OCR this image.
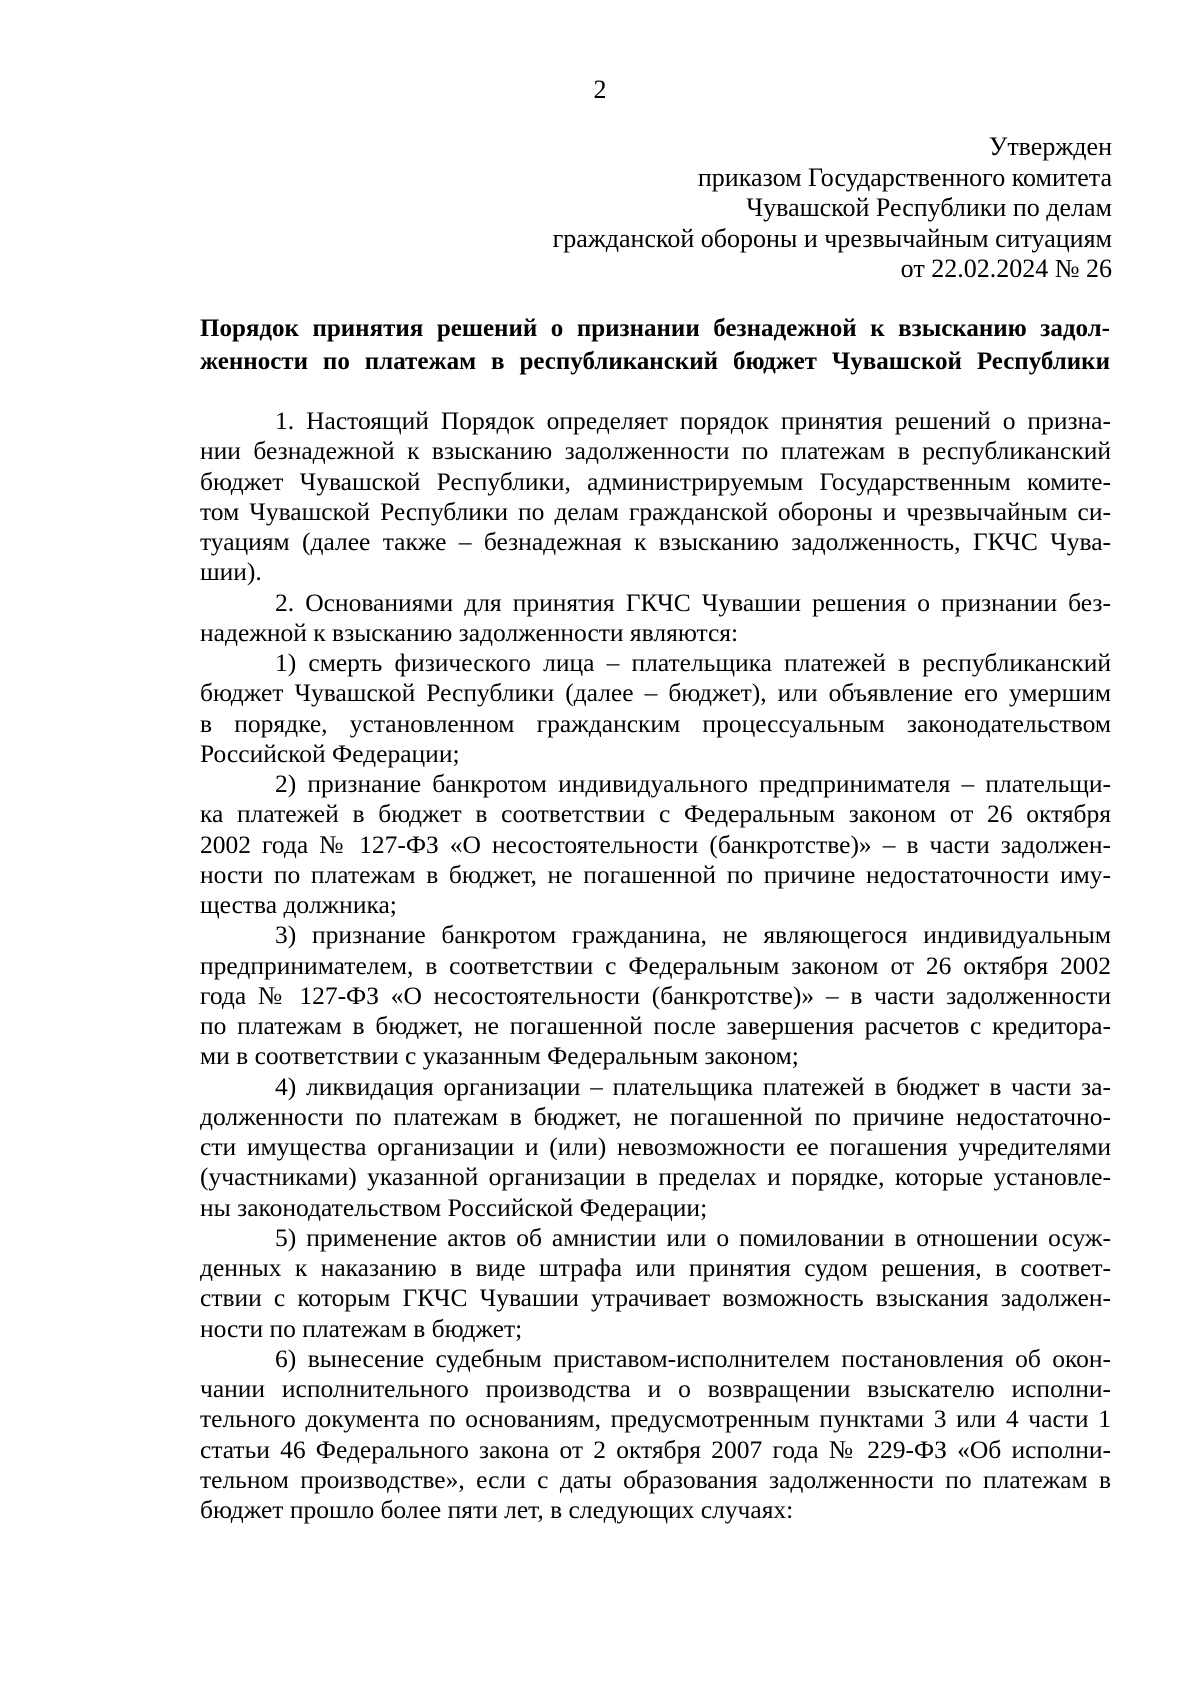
2
Утвержден
приказом Государственного комитета
Чувашской Республики по делам
гражданской обороны и чрезвычайным ситуациям
от 22.02.2024 № 26
Порядок принятия решений о признании безнадежной к взысканию задол-
женности по платежам в республиканский бюджет Чувашской Республики
1. Настоящий Порядок определяет порядок принятия решений о призна-
нии безнадежной к взысканию задолженности по платежам в республиканский
бюджет Чувашской Республики, администрируемым Государственным комите-
том Чувашской Республики по делам гражданской обороны и чрезвычайным си-
туациям (далее также – безнадежная к взысканию задолженность, ГКЧС Чува-
шии).
2. Основаниями для принятия ГКЧС Чувашии решения о признании без-
надежной к взысканию задолженности являются:
1) смерть физического лица – плательщика платежей в республиканский
бюджет Чувашской Республики (далее – бюджет), или объявление его умершим
в порядке, установленном гражданским процессуальным законодательством
Российской Федерации;
2) признание банкротом индивидуального предпринимателя – плательщи-
ка платежей в бюджет в соответствии с Федеральным законом от 26 октября
2002 года № 127-ФЗ «О несостоятельности (банкротстве)» – в части задолжен-
ности по платежам в бюджет, не погашенной по причине недостаточности иму-
щества должника;
3) признание банкротом гражданина, не являющегося индивидуальным
предпринимателем, в соответствии с Федеральным законом от 26 октября 2002
года № 127-ФЗ «О несостоятельности (банкротстве)» – в части задолженности
по платежам в бюджет, не погашенной после завершения расчетов с кредитора-
ми в соответствии с указанным Федеральным законом;
4) ликвидация организации – плательщика платежей в бюджет в части за-
долженности по платежам в бюджет, не погашенной по причине недостаточно-
сти имущества организации и (или) невозможности ее погашения учредителями
(участниками) указанной организации в пределах и порядке, которые установле-
ны законодательством Российской Федерации;
5) применение актов об амнистии или о помиловании в отношении осуж-
денных к наказанию в виде штрафа или принятия судом решения, в соответ-
ствии с которым ГКЧС Чувашии утрачивает возможность взыскания задолжен-
ности по платежам в бюджет;
6) вынесение судебным приставом-исполнителем постановления об окон-
чании исполнительного производства и о возвращении взыскателю исполни-
тельного документа по основаниям, предусмотренным пунктами 3 или 4 части 1
статьи 46 Федерального закона от 2 октября 2007 года № 229-ФЗ «Об исполни-
тельном производстве», если с даты образования задолженности по платежам в
бюджет прошло более пяти лет, в следующих случаях:
